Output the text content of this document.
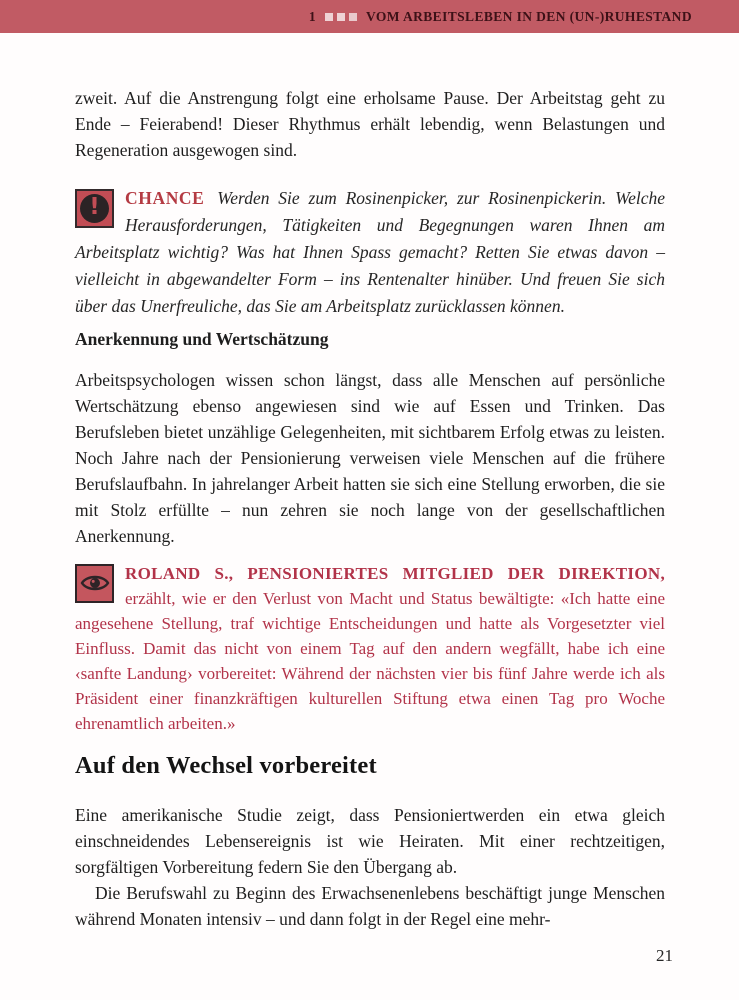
1	VOM ARBEITSLEBEN IN DEN (UN-)RUHESTAND

zweit. Auf die Anstrengung folgt eine erholsame Pause. Der Arbeitstag geht zu Ende – Feierabend! Dieser Rhythmus erhält lebendig, wenn Belastungen und Regeneration ausgewogen sind.

! CHANCE Werden Sie zum Rosinenpicker, zur Rosinenpickerin. Welche Herausforderungen, Tätigkeiten und Begegnungen waren Ihnen am Arbeitsplatz wichtig? Was hat Ihnen Spass gemacht? Retten Sie etwas davon – vielleicht in abgewandelter Form – ins Rentenalter hinüber. Und freuen Sie sich über das Unerfreuliche, das Sie am Arbeitsplatz zurücklassen können.
Anerkennung und Wertschätzung

Arbeitspsychologen wissen schon längst, dass alle Menschen auf persönliche Wertschätzung ebenso angewiesen sind wie auf Essen und Trinken. Das Berufsleben bietet unzählige Gelegenheiten, mit sichtbarem Erfolg etwas zu leisten. Noch Jahre nach der Pensionierung verweisen viele Menschen auf die frühere Berufslaufbahn. In jahrelanger Arbeit hatten sie sich eine Stellung erworben, die sie mit Stolz erfüllte – nun zehren sie noch lange von der gesellschaftlichen Anerkennung.

ROLAND S., PENSIONIERTES MITGLIED DER DIREKTION, erzählt, wie er den Verlust von Macht und Status bewältigte: «Ich hatte eine angesehene Stellung, traf wichtige Entscheidungen und hatte als Vorgesetzter viel Einfluss. Damit das nicht von einem Tag auf den andern wegfällt, habe ich eine ‹sanfte Landung› vorbereitet: Während der nächsten vier bis fünf Jahre werde ich als Präsident einer finanzkräftigen kulturellen Stiftung etwa einen Tag pro Woche ehrenamtlich arbeiten.»
Auf den Wechsel vorbereitet

Eine amerikanische Studie zeigt, dass Pensioniertwerden ein etwa gleich einschneidendes Lebensereignis ist wie Heiraten. Mit einer rechtzeitigen, sorgfältigen Vorbereitung federn Sie den Übergang ab.

Die Berufswahl zu Beginn des Erwachsenenlebens beschäftigt junge Menschen während Monaten intensiv – und dann folgt in der Regel eine mehr-

21
